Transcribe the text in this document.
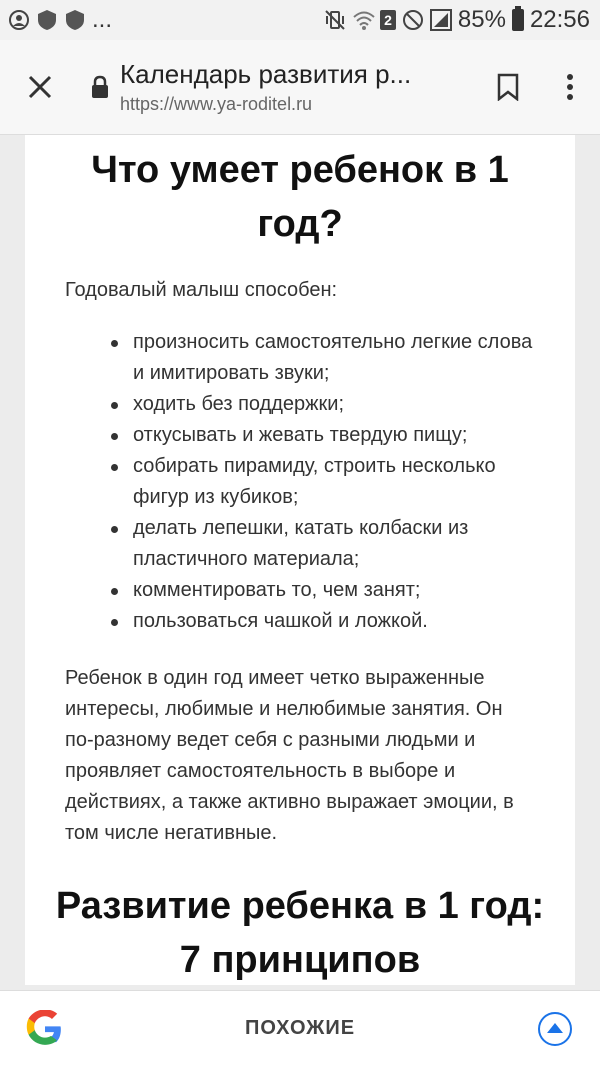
...	2	85% 22:56
Календарь развития р...
https://www.ya-roditel.ru
Что умеет ребенок в 1 год?
Годовалый малыш способен:
произносить самостоятельно легкие слова и имитировать звуки;
ходить без поддержки;
откусывать и жевать твердую пищу;
собирать пирамиду, строить несколько фигур из кубиков;
делать лепешки, катать колбаски из пластичного материала;
комментировать то, чем занят;
пользоваться чашкой и ложкой.
Ребенок в один год имеет четко выраженные интересы, любимые и нелюбимые занятия. Он по-разному ведет себя с разными людьми и проявляет самостоятельность в выборе и действиях, а также активно выражает эмоции, в том числе негативные.
Развитие ребенка в 1 год: 7 принципов
ПОХОЖИЕ
